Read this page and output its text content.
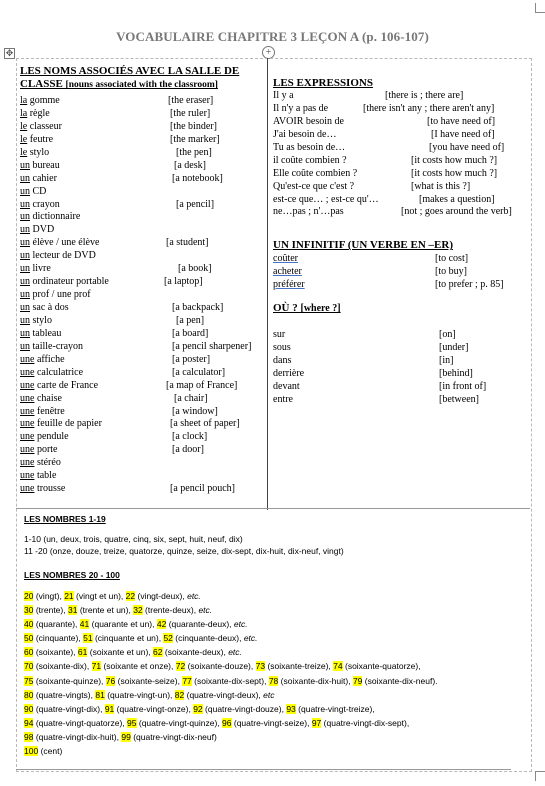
VOCABULAIRE CHAPITRE 3 LEÇON A (p. 106-107)
✥	+
LES NOMS ASSOCIÉS AVEC LA SALLE DE
CLASSE [nouns associated with the classroom]
la gomme	[the eraser]
la règle	[the ruler]
le classeur	[the binder]
le feutre	[the marker]
le stylo	[the pen]
un bureau	[a desk]
un cahier	[a notebook]
un CD
un crayon	[a pencil]
un dictionnaire
un DVD
un élève / une élève	[a student]
un lecteur de DVD
un livre	[a book]
un ordinateur portable	[a laptop]
un prof / une prof
un sac à dos	[a backpack]
un stylo	[a pen]
un tableau	[a board]
un taille-crayon	[a pencil sharpener]
une affiche	[a poster]
une calculatrice	[a calculator]
une carte de France	[a map of France]
une chaise	[a chair]
une fenêtre	[a window]
une feuille de papier	[a sheet of paper]
une pendule	[a clock]
une porte	[a door]
une stéréo
une table
une trousse	[a pencil pouch]
LES EXPRESSIONS
Il y a	[there is ; there are]
Il n'y a pas de	[there isn't any ; there aren't any]
AVOIR besoin de	[to have need of]
J'ai besoin de…	[I have need of]
Tu as besoin de…	[you have need of]
il coûte combien ?	[it costs how much ?]
Elle coûte combien ?	[it costs how much ?]
Qu'est-ce que c'est ?	[what is this ?]
est-ce que… ; est-ce qu'…	[makes a question]
ne…pas ; n'…pas	[not ; goes around the verb]
UN INFINITIF (UN VERBE EN –ER)
coûter	[to cost]
acheter	[to buy]
préférer	[to prefer ; p. 85]
OÙ ? [where ?]
sur	[on]
sous	[under]
dans	[in]
derrière	[behind]
devant	[in front of]
entre	[between]
LES NOMBRES 1-19
1-10 (un, deux, trois, quatre, cinq, six, sept, huit, neuf, dix)
11 -20 (onze, douze, treize, quatorze, quinze, seize, dix-sept, dix-huit, dix-neuf, vingt)
LES NOMBRES 20 - 100
20 (vingt), 21 (vingt et un), 22 (vingt-deux), etc.
30 (trente), 31 (trente et un), 32 (trente-deux), etc.
40 (quarante), 41 (quarante et un), 42 (quarante-deux), etc.
50 (cinquante), 51 (cinquante et un), 52 (cinquante-deux), etc.
60 (soixante), 61 (soixante et un), 62 (soixante-deux), etc.
70 (soixante-dix), 71 (soixante et onze), 72 (soixante-douze), 73 (soixante-treize), 74 (soixante-quatorze),
75 (soixante-quinze), 76 (soixante-seize), 77 (soixante-dix-sept), 78 (soixante-dix-huit), 79 (soixante-dix-neuf).
80 (quatre-vingts), 81 (quatre-vingt-un), 82 (quatre-vingt-deux), etc
90 (quatre-vingt-dix), 91 (quatre-vingt-onze), 92 (quatre-vingt-douze), 93 (quatre-vingt-treize),
94 (quatre-vingt-quatorze), 95 (quatre-vingt-quinze), 96 (quatre-vingt-seize), 97 (quatre-vingt-dix-sept),
98 (quatre-vingt-dix-huit), 99 (quatre-vingt-dix-neuf)
100 (cent)
